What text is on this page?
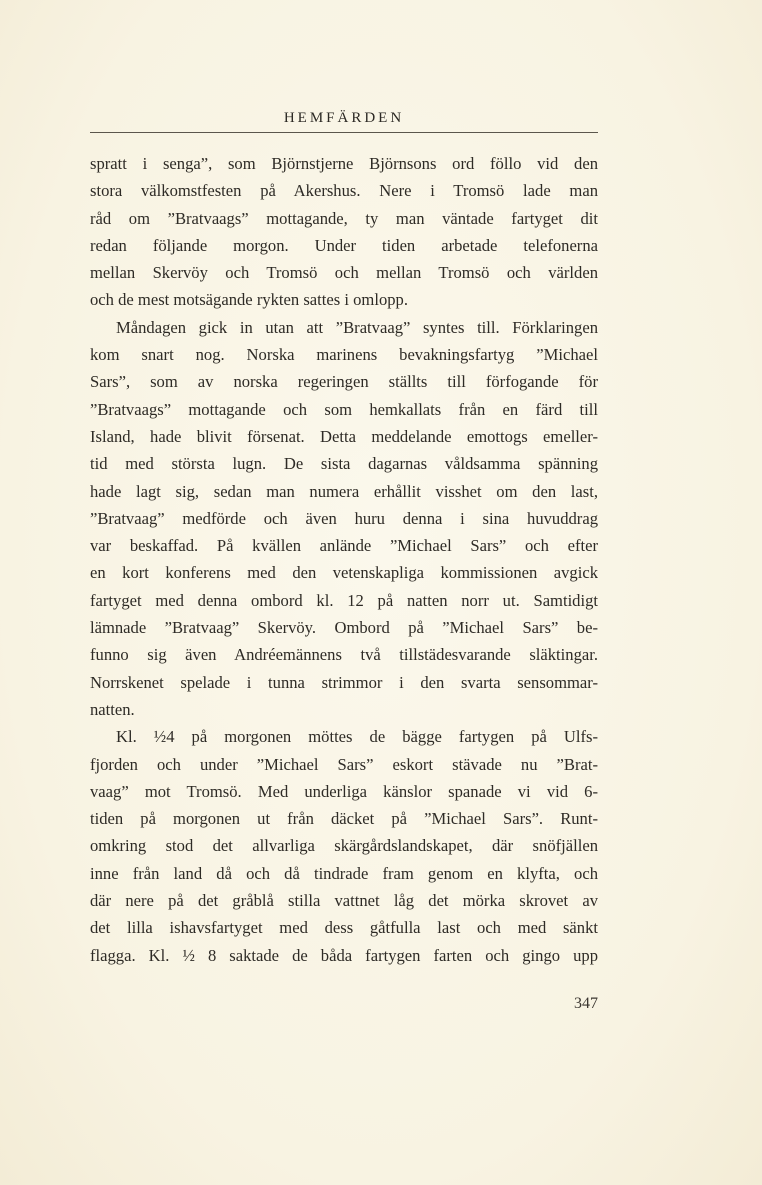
HEMFÄRDEN

spratt i senga”, som Björnstjerne Björnsons ord föllo vid den
stora välkomstfesten på Akershus. Nere i Tromsö lade man
råd om ”Bratvaags” mottagande, ty man väntade fartyget dit
redan följande morgon. Under tiden arbetade telefonerna
mellan Skervöy och Tromsö och mellan Tromsö och världen
och de mest motsägande rykten sattes i omlopp.

Måndagen gick in utan att ”Bratvaag” syntes till. Förklaringen
kom snart nog. Norska marinens bevakningsfartyg ”Michael
Sars”, som av norska regeringen ställts till förfogande för
”Bratvaags” mottagande och som hemkallats från en färd till
Island, hade blivit försenat. Detta meddelande emottogs emeller-
tid med största lugn. De sista dagarnas våldsamma spänning
hade lagt sig, sedan man numera erhållit visshet om den last,
”Bratvaag” medförde och även huru denna i sina huvuddrag
var beskaffad. På kvällen anlände ”Michael Sars” och efter
en kort konferens med den vetenskapliga kommissionen avgick
fartyget med denna ombord kl. 12 på natten norr ut. Samtidigt
lämnade ”Bratvaag” Skervöy. Ombord på ”Michael Sars” be-
funno sig även Andréemännens två tillstädesvarande släktingar.
Norrskenet spelade i tunna strimmor i den svarta sensommar-
natten.

Kl. ½4 på morgonen möttes de bägge fartygen på Ulfs-
fjorden och under ”Michael Sars” eskort stävade nu ”Brat-
vaag” mot Tromsö. Med underliga känslor spanade vi vid 6-
tiden på morgonen ut från däcket på ”Michael Sars”. Runt-
omkring stod det allvarliga skärgårdslandskapet, där snöfjällen
inne från land då och då tindrade fram genom en klyfta, och
där nere på det gråblå stilla vattnet låg det mörka skrovet av
det lilla ishavsfartyget med dess gåtfulla last och med sänkt
flagga. Kl. ½ 8 saktade de båda fartygen farten och gingo upp

347
